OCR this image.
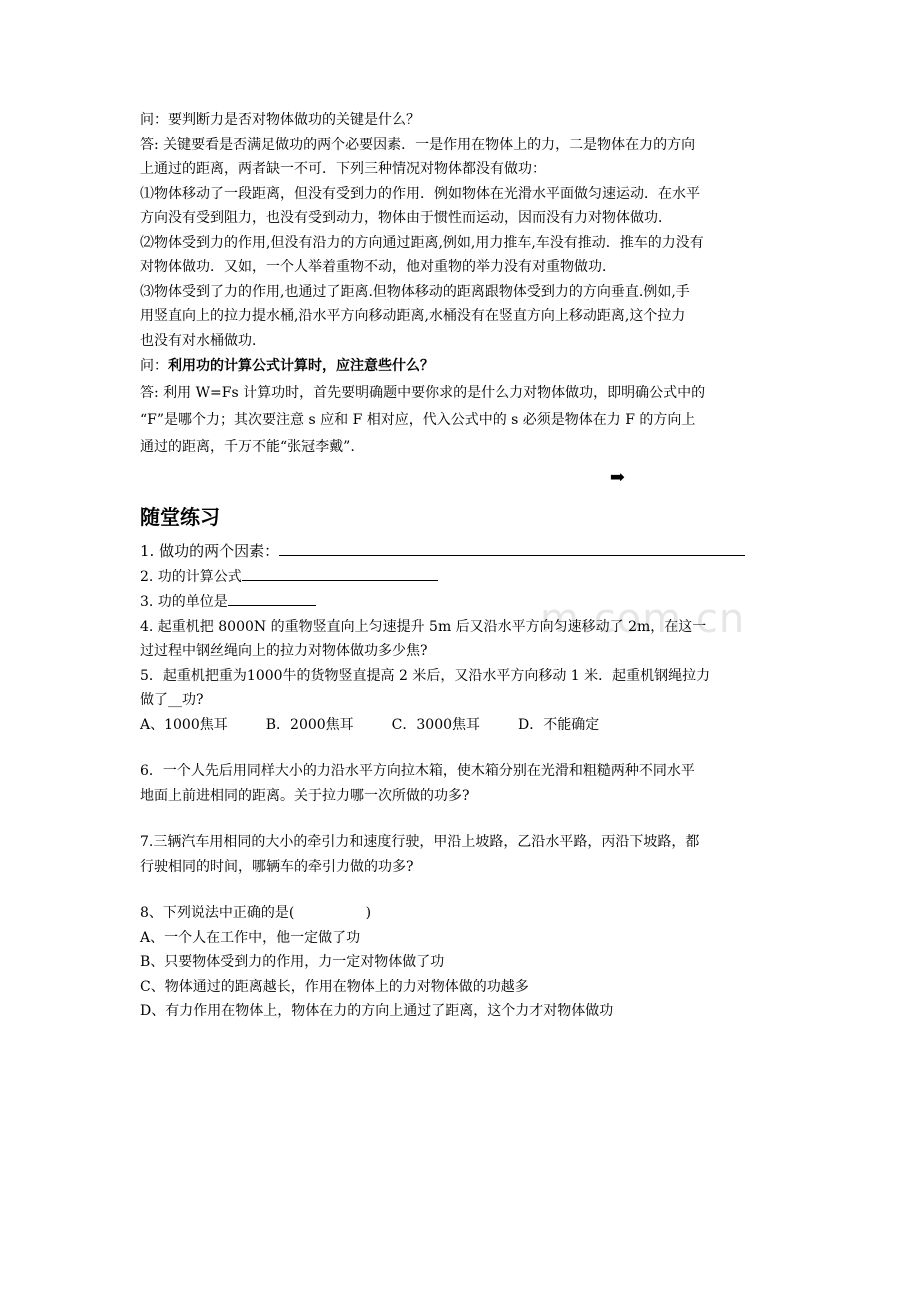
m.com.cn

问：要判断力是否对物体做功的关键是什么？

答: 关键要看是否满足做功的两个必要因素．一是作用在物体上的力，二是物体在力的方向

上通过的距离，两者缺一不可．下列三种情况对物体都没有做功：

⑴物体移动了一段距离，但没有受到力的作用．例如物体在光滑水平面做匀速运动．在水平

方向没有受到阻力，也没有受到动力，物体由于惯性而运动，因而没有力对物体做功．

⑵物体受到力的作用,但没有沿力的方向通过距离,例如,用力推车,车没有推动．推车的力没有

对物体做功．又如，一个人举着重物不动，他对重物的举力没有对重物做功．

⑶物体受到了力的作用,也通过了距离.但物体移动的距离跟物体受到力的方向垂直.例如,手

用竖直向上的拉力提水桶,沿水平方向移动距离,水桶没有在竖直方向上移动距离,这个拉力

也没有对水桶做功．

问：利用功的计算公式计算时，应注意些什么？

答: 利用 W=Fs 计算功时，首先要明确题中要你求的是什么力对物体做功，即明确公式中的

“F”是哪个力；其次要注意 s 应和 F 相对应，代入公式中的 s 必须是物体在力 F 的方向上

通过的距离，千万不能“张冠李戴”.

➡
随堂练习

1. 做功的两个因素：

2. 功的计算公式

3. 功的单位是

4. 起重机把 8000N 的重物竖直向上匀速提升 5m 后又沿水平方向匀速移动了 2m，在这一

过过程中钢丝绳向上的拉力对物体做功多少焦?

5．起重机把重为1000牛的货物竖直提高 2 米后，又沿水平方向移动 1 米．起重机钢绳拉力

做了__功?

A、1000焦耳	B．2000焦耳	C．3000焦耳	D．不能确定

6．一个人先后用同样大小的力沿水平方向拉木箱，使木箱分别在光滑和粗糙两种不同水平

地面上前进相同的距离。关于拉力哪一次所做的功多?

7.三辆汽车用相同的大小的牵引力和速度行驶，甲沿上坡路，乙沿水平路，丙沿下坡路，都

行驶相同的时间，哪辆车的牵引力做的功多?

8、下列说法中正确的是(                )

A、一个人在工作中，他一定做了功

B、只要物体受到力的作用，力一定对物体做了功

C、物体通过的距离越长，作用在物体上的力对物体做的功越多

D、有力作用在物体上，物体在力的方向上通过了距离，这个力才对物体做功
